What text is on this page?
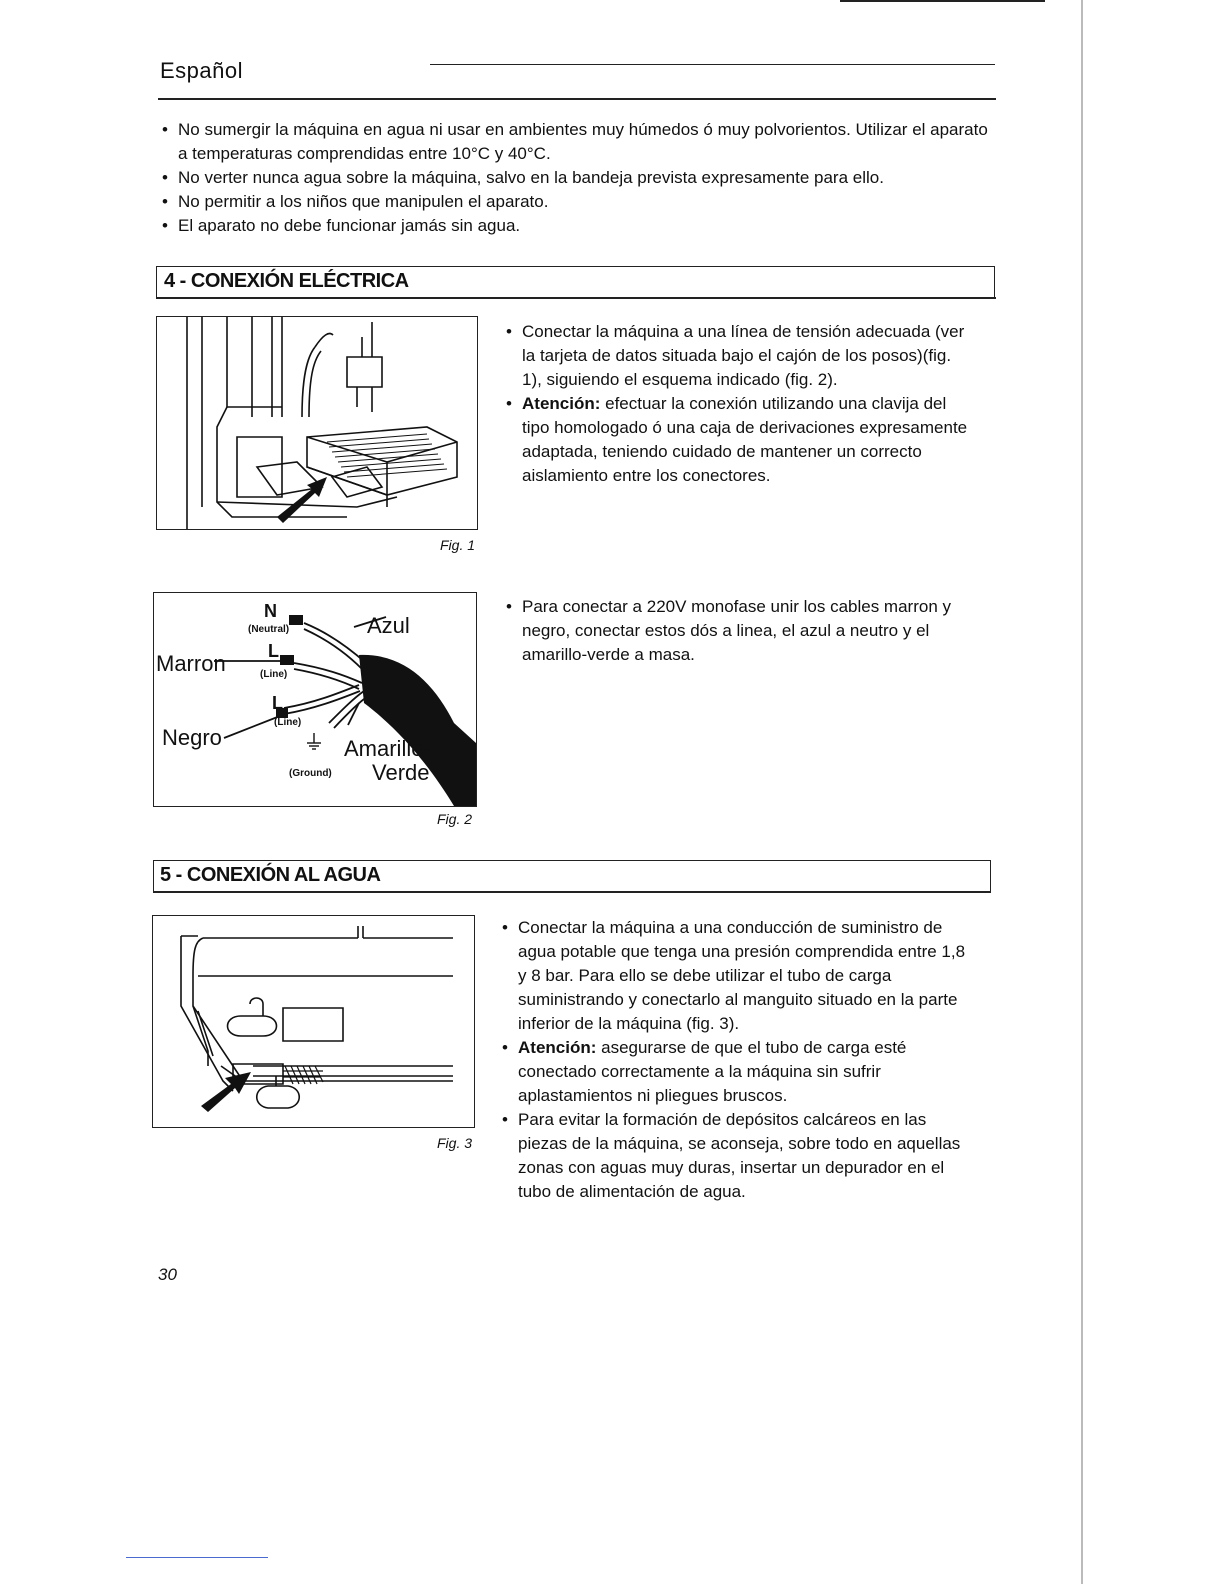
Español
• No sumergir la máquina en agua ni usar en ambientes muy húmedos ó muy polvorientos. Utilizar el aparato a temperaturas comprendidas entre 10°C y 40°C.
• No verter nunca agua sobre la máquina, salvo en la bandeja prevista expresamente para ello.
• No permitir a los niños que manipulen el aparato.
• El aparato no debe funcionar jamás sin agua.
4 - CONEXIÓN ELÉCTRICA
Fig. 1
• Conectar la máquina a una línea de tensión adecuada (ver la tarjeta de datos situada bajo el cajón de los posos)(fig. 1), siguiendo el esquema indicado (fig. 2).
• Atención: efectuar la conexión utilizando una clavija del tipo homologado ó una caja de derivaciones expresamente adaptada, teniendo cuidado de mantener un correcto aislamiento entre los conectores.
• Para conectar a 220V monofase unir los cables marron y negro, conectar estos dós a linea, el azul a neutro y el amarillo-verde a masa.
N
(Neutral)	Azul
Marron L
(Line)
L
(Line)
Negro	Amarillo-
Verde
(Ground)
Fig. 2
5 - CONEXIÓN AL AGUA
Fig. 3
• Conectar la máquina a una conducción de suministro de agua potable que tenga una presión comprendida entre 1,8 y 8 bar. Para ello se debe utilizar el tubo de carga suministrando y conectarlo al manguito situado en la parte inferior de la máquina (fig. 3).
• Atención: asegurarse de que el tubo de carga esté conectado correctamente a la máquina sin sufrir aplastamientos ni pliegues bruscos.
• Para evitar la formación de depósitos calcáreos en las piezas de la máquina, se aconseja, sobre todo en aquellas zonas con aguas muy duras, insertar un depurador en el tubo de alimentación de agua.
30
